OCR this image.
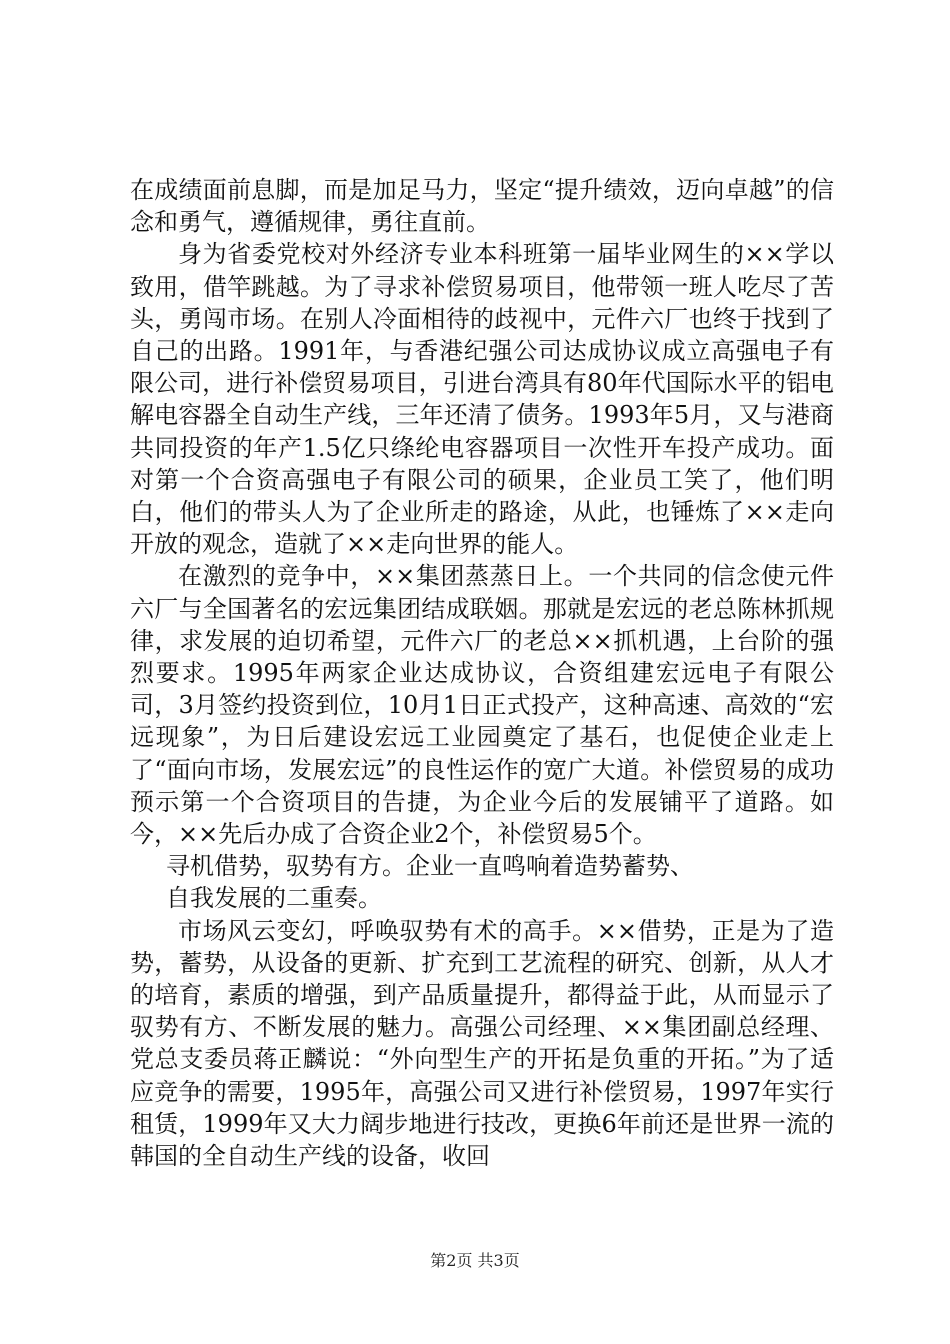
在成绩面前息脚，而是加足马力，坚定“提升绩效，迈向卓越”的信念和勇气，遵循规律，勇往直前。

身为省委党校对外经济专业本科班第一届毕业网生的××学以致用，借竿跳越。为了寻求补偿贸易项目，他带领一班人吃尽了苦头，勇闯市场。在别人冷面相待的歧视中，元件六厂也终于找到了自己的出路。1991年，与香港纪强公司达成协议成立高强电子有限公司，进行补偿贸易项目，引进台湾具有80年代国际水平的铝电解电容器全自动生产线，三年还清了债务。1993年5月，又与港商共同投资的年产1.5亿只绦纶电容器项目一次性开车投产成功。面对第一个合资高强电子有限公司的硕果，企业员工笑了，他们明白，他们的带头人为了企业所走的路途，从此，也锤炼了××走向开放的观念，造就了××走向世界的能人。

在激烈的竞争中，××集团蒸蒸日上。一个共同的信念使元件六厂与全国著名的宏远集团结成联姻。那就是宏远的老总陈林抓规律，求发展的迫切希望，元件六厂的老总××抓机遇，上台阶的强烈要求。1995年两家企业达成协议，合资组建宏远电子有限公司，3月签约投资到位，10月1日正式投产，这种高速、高效的“宏远现象”，为日后建设宏远工业园奠定了基石，也促使企业走上了“面向市场，发展宏远”的良性运作的宽广大道。补偿贸易的成功预示第一个合资项目的告捷，为企业今后的发展铺平了道路。如今，××先后办成了合资企业2个，补偿贸易5个。

寻机借势，驭势有方。企业一直鸣响着造势蓄势、

自我发展的二重奏。

市场风云变幻，呼唤驭势有术的高手。××借势，正是为了造势，蓄势，从设备的更新、扩充到工艺流程的研究、创新，从人才的培育，素质的增强，到产品质量提升，都得益于此，从而显示了驭势有方、不断发展的魅力。高强公司经理、××集团副总经理、党总支委员蒋正麟说：“外向型生产的开拓是负重的开拓。”为了适应竞争的需要，1995年，高强公司又进行补偿贸易，1997年实行租赁，1999年又大力阔步地进行技改，更换6年前还是世界一流的韩国的全自动生产线的设备，收回

第2页 共3页
